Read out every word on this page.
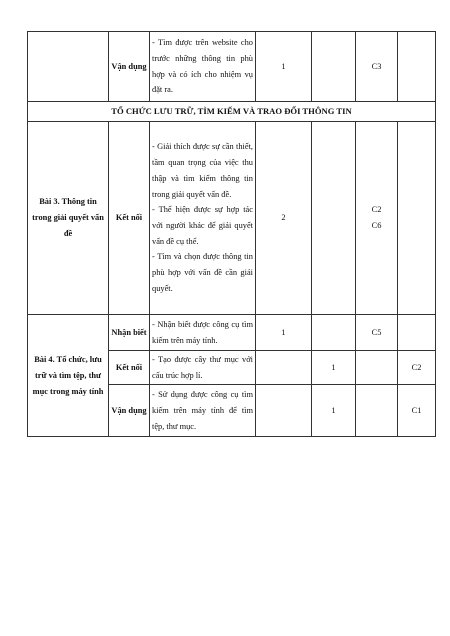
	Vận dụng	- Tìm được trên website cho trước những thông tin phù hợp và có ích cho nhiệm vụ đặt ra.	1		C3	
TỔ CHỨC LƯU TRỮ, TÌM KIẾM VÀ TRAO ĐỔI THÔNG TIN						
Bài 3. Thông tin trong giải quyết vấn đề	Kết nối	- Giải thích được sự cần thiết, tầm quan trọng của việc thu thập và tìm kiếm thông tin trong giải quyết vấn đề.
- Thể hiện được sự hợp tác với người khác để giải quyết vấn đề cụ thể.
- Tìm và chọn được thông tin phù hợp với vấn đề cần giải quyết.	2		C2
C6	

Bài 4. Tổ chức, lưu trữ và tìm tệp, thư mục trong máy tính	Nhận biết	- Nhận biết được công cụ tìm kiếm trên máy tính.	1		C5	
	Kết nối	- Tạo được cây thư mục với cấu trúc hợp lí.		1		C2
	Vận dụng	- Sử dụng được công cụ tìm kiếm trên máy tính để tìm tệp, thư mục.		1		C1
